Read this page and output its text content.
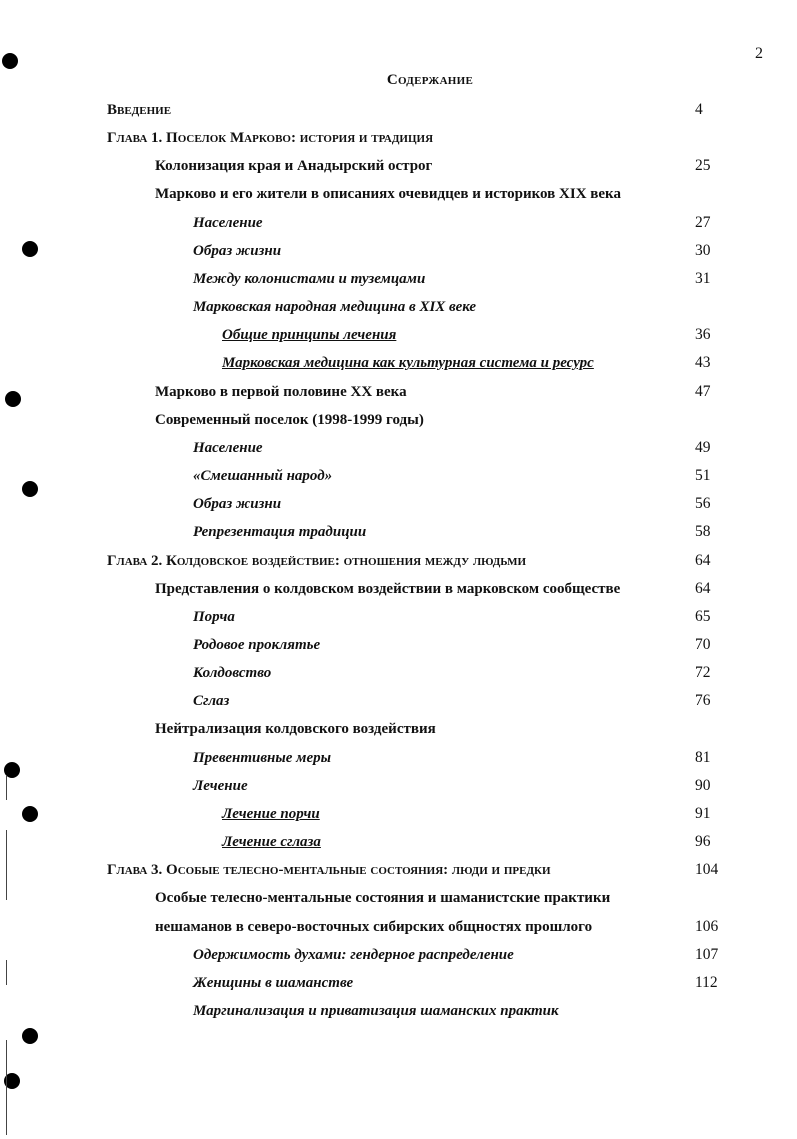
2
Содержание
Введение	4
Глава 1. Поселок Марково: история и традиция
Колонизация края и Анадырский острог	25
Марково и его жители в описаниях очевидцев и историков XIX века
Население	27
Образ жизни	30
Между колонистами и туземцами	31
Марковская народная медицина в XIX веке
Общие принципы лечения	36
Марковская медицина как культурная система и ресурс	43
Марково в первой половине XX века	47
Современный поселок (1998-1999 годы)
Население	49
«Смешанный народ»	51
Образ жизни	56
Репрезентация традиции	58
Глава 2. Колдовское воздействие: отношения между людьми	64
Представления о колдовском воздействии в марковском сообществе	64
Порча	65
Родовое проклятье	70
Колдовство	72
Сглаз	76
Нейтрализация колдовского воздействия
Превентивные меры	81
Лечение	90
Лечение порчи	91
Лечение сглаза	96
Глава 3. Особые телесно-ментальные состояния: люди и предки	104
Особые телесно-ментальные состояния и шаманистские практики
нешаманов в северо-восточных сибирских общностях прошлого	106
Одержимость духами: гендерное распределение	107
Женщины в шаманстве	112
Маргинализация и приватизация шаманских практик
